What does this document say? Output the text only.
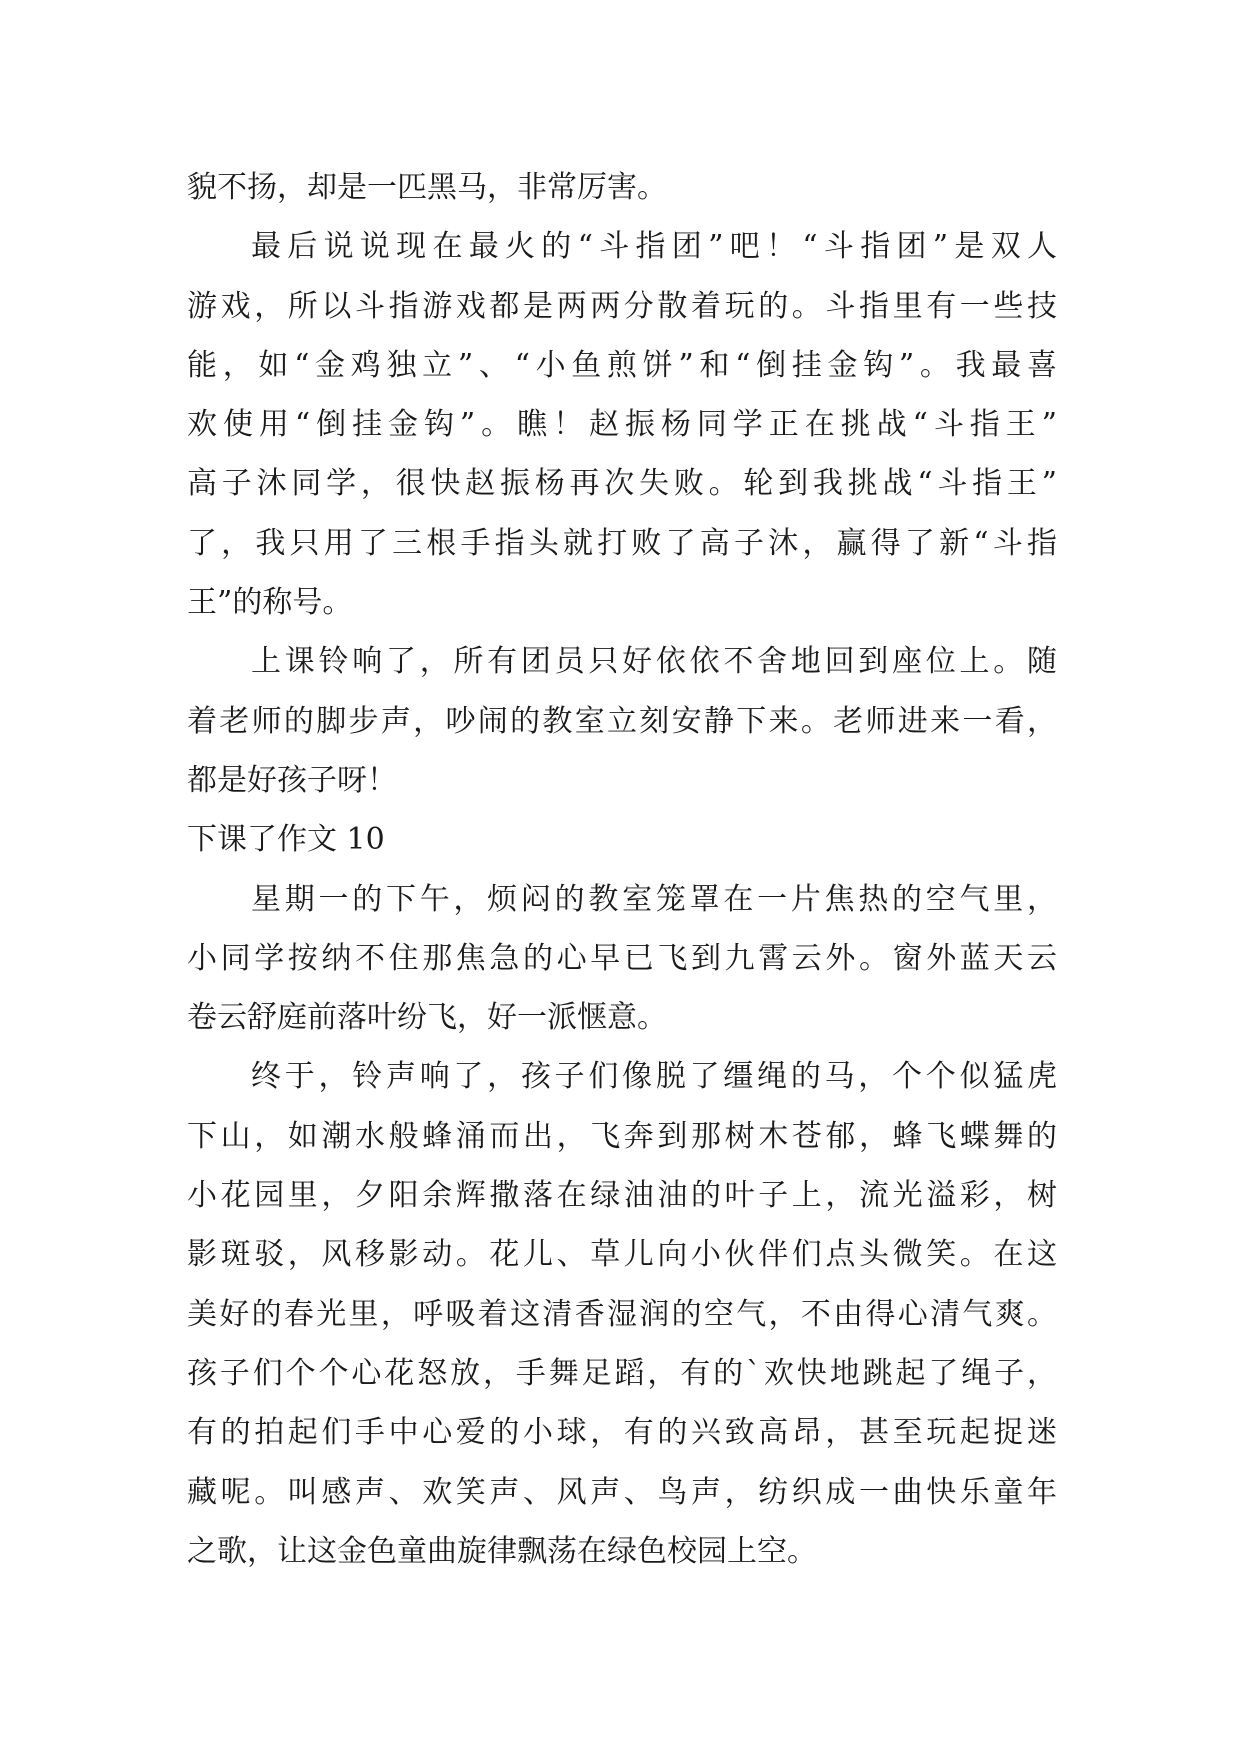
貌不扬，却是一匹黑马，非常厉害。
最后说说现在最火的“斗指团”吧！“斗指团”是双人
游戏，所以斗指游戏都是两两分散着玩的。斗指里有一些技
能，如“金鸡独立”、“小鱼煎饼”和“倒挂金钩”。我最喜
欢使用“倒挂金钩”。瞧！赵振杨同学正在挑战“斗指王”
高子沐同学，很快赵振杨再次失败。轮到我挑战“斗指王”
了，我只用了三根手指头就打败了高子沐，赢得了新“斗指
王”的称号。
上课铃响了，所有团员只好依依不舍地回到座位上。随
着老师的脚步声，吵闹的教室立刻安静下来。老师进来一看，
都是好孩子呀！
下课了作文 10
星期一的下午，烦闷的教室笼罩在一片焦热的空气里，
小同学按纳不住那焦急的心早已飞到九霄云外。窗外蓝天云
卷云舒庭前落叶纷飞，好一派惬意。
终于，铃声响了，孩子们像脱了缰绳的马，个个似猛虎
下山，如潮水般蜂涌而出，飞奔到那树木苍郁，蜂飞蝶舞的
小花园里，夕阳余辉撒落在绿油油的叶子上，流光溢彩，树
影斑驳，风移影动。花儿、草儿向小伙伴们点头微笑。在这
美好的春光里，呼吸着这清香湿润的空气，不由得心清气爽。
孩子们个个心花怒放，手舞足蹈，有的`欢快地跳起了绳子，
有的拍起们手中心爱的小球，有的兴致高昂，甚至玩起捉迷
藏呢。叫感声、欢笑声、风声、鸟声，纺织成一曲快乐童年
之歌，让这金色童曲旋律飘荡在绿色校园上空。
